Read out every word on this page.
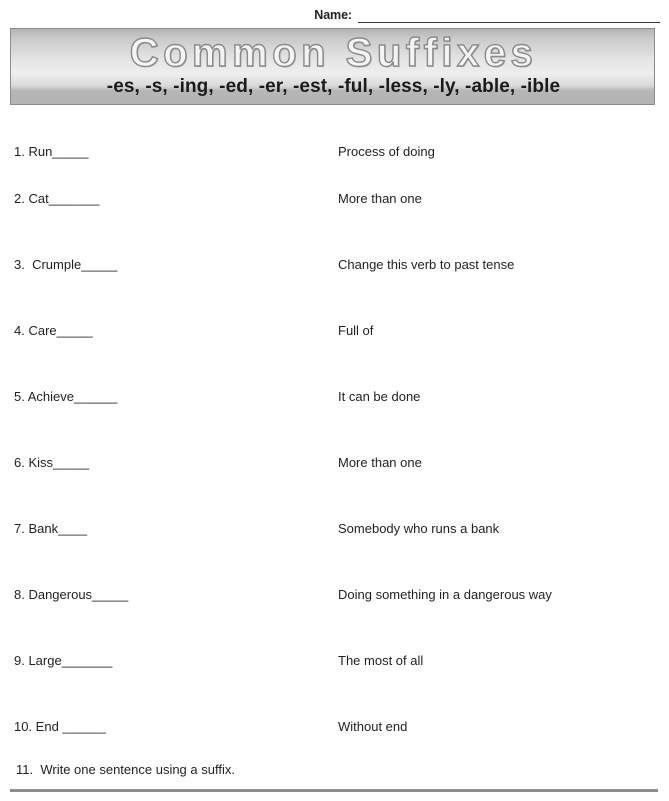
Name:
Common Suffixes
-es, -s, -ing, -ed, -er, -est, -ful, -less, -ly, -able, -ible
1. Run_____	Process of doing
2. Cat_______	More than one
3.  Crumple_____	Change this verb to past tense
4. Care_____	Full of
5. Achieve______	It can be done
6. Kiss_____	More than one
7. Bank____	Somebody who runs a bank
8. Dangerous_____	Doing something in a dangerous way
9. Large_______	The most of all
10. End ______	Without end
11.  Write one sentence using a suffix.
